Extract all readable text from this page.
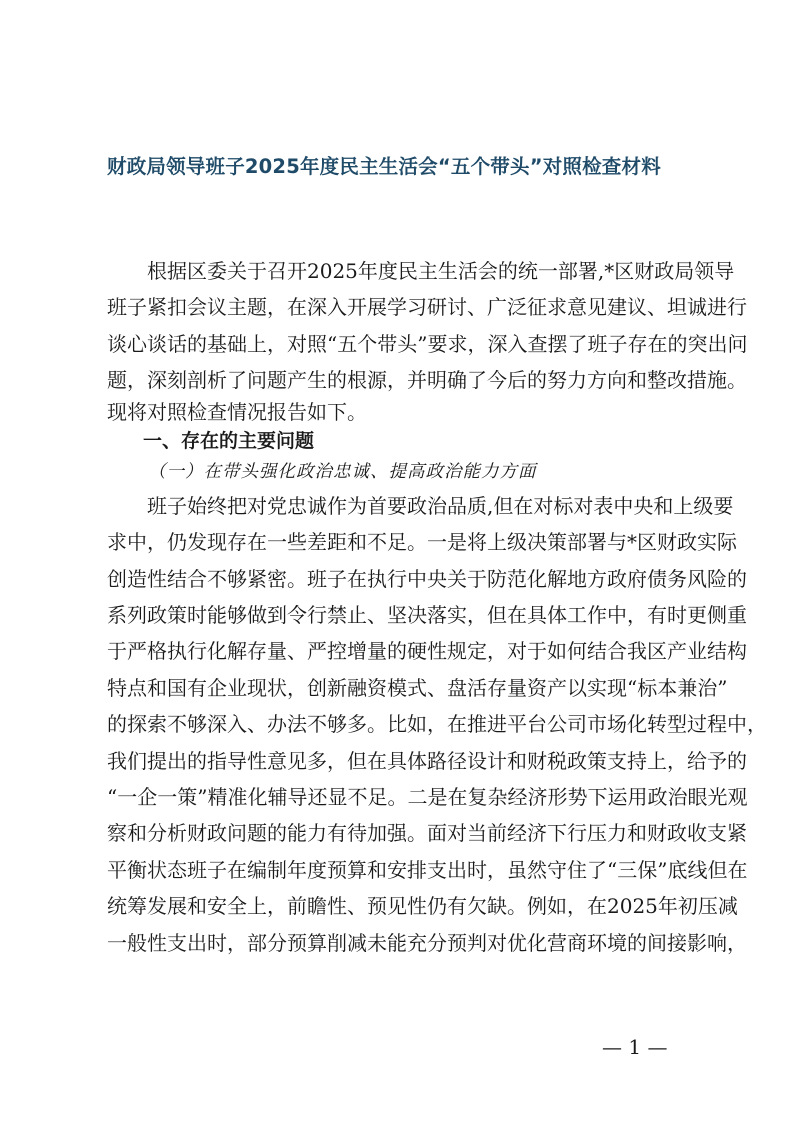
财政局领导班子2025年度民主生活会“五个带头”对照检查材料
根据区委关于召开2025年度民主生活会的统一部署,*区财政局领导
班子紧扣会议主题，在深入开展学习研讨、广泛征求意见建议、坦诚进行
谈心谈话的基础上，对照“五个带头”要求，深入查摆了班子存在的突出问
题，深刻剖析了问题产生的根源，并明确了今后的努力方向和整改措施。
现将对照检查情况报告如下。
一、存在的主要问题
（一）在带头强化政治忠诚、提高政治能力方面
班子始终把对党忠诚作为首要政治品质,但在对标对表中央和上级要
求中，仍发现存在一些差距和不足。一是将上级决策部署与*区财政实际
创造性结合不够紧密。班子在执行中央关于防范化解地方政府债务风险的
系列政策时能够做到令行禁止、坚决落实，但在具体工作中，有时更侧重
于严格执行化解存量、严控增量的硬性规定，对于如何结合我区产业结构
特点和国有企业现状，创新融资模式、盘活存量资产以实现“标本兼治”
的探索不够深入、办法不够多。比如，在推进平台公司市场化转型过程中，
我们提出的指导性意见多，但在具体路径设计和财税政策支持上，给予的
“一企一策”精准化辅导还显不足。二是在复杂经济形势下运用政治眼光观
察和分析财政问题的能力有待加强。面对当前经济下行压力和财政收支紧
平衡状态班子在编制年度预算和安排支出时，虽然守住了“三保”底线但在
统筹发展和安全上，前瞻性、预见性仍有欠缺。例如，在2025年初压减
一般性支出时，部分预算削减未能充分预判对优化营商环境的间接影响，
— 1 —
